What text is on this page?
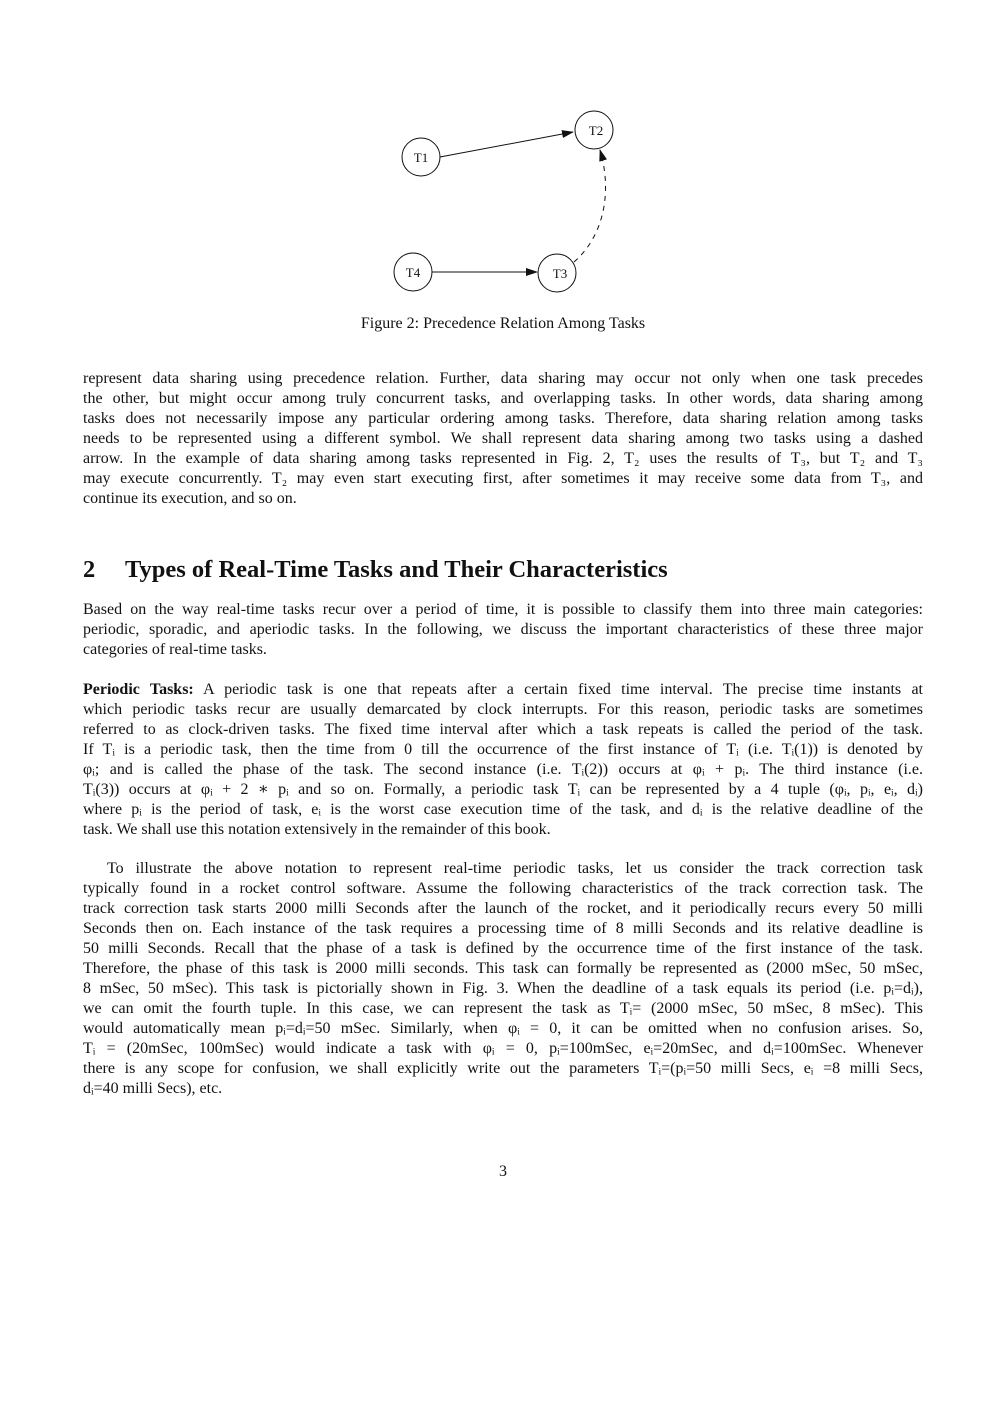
T1
T2
T4	T3
Figure 2: Precedence Relation Among Tasks
represent data sharing using precedence relation. Further, data sharing may occur not only when one task precedes
the other, but might occur among truly concurrent tasks, and overlapping tasks. In other words, data sharing among
tasks does not necessarily impose any particular ordering among tasks. Therefore, data sharing relation among tasks
needs to be represented using a different symbol. We shall represent data sharing among two tasks using a dashed
arrow. In the example of data sharing among tasks represented in Fig. 2, T₂ uses the results of T₃, but T₂ and T₃
may execute concurrently. T₂ may even start executing first, after sometimes it may receive some data from T₃, and
continue its execution, and so on.
2 Types of Real-Time Tasks and Their Characteristics
Based on the way real-time tasks recur over a period of time, it is possible to classify them into three main categories:
periodic, sporadic, and aperiodic tasks. In the following, we discuss the important characteristics of these three major
categories of real-time tasks.
Periodic Tasks: A periodic task is one that repeats after a certain fixed time interval. The precise time instants at
which periodic tasks recur are usually demarcated by clock interrupts. For this reason, periodic tasks are sometimes
referred to as clock-driven tasks. The fixed time interval after which a task repeats is called the period of the task.
If Tᵢ is a periodic task, then the time from 0 till the occurrence of the first instance of Tᵢ (i.e. Tᵢ(1)) is denoted by
φᵢ; and is called the phase of the task. The second instance (i.e. Tᵢ(2)) occurs at φᵢ + pᵢ. The third instance (i.e.
Tᵢ(3)) occurs at φᵢ + 2 ∗ pᵢ and so on. Formally, a periodic task Tᵢ can be represented by a 4 tuple (φᵢ, pᵢ, eᵢ, dᵢ)
where pᵢ is the period of task, eᵢ is the worst case execution time of the task, and dᵢ is the relative deadline of the
task. We shall use this notation extensively in the remainder of this book.
To illustrate the above notation to represent real-time periodic tasks, let us consider the track correction task
typically found in a rocket control software. Assume the following characteristics of the track correction task. The
track correction task starts 2000 milli Seconds after the launch of the rocket, and it periodically recurs every 50 milli
Seconds then on. Each instance of the task requires a processing time of 8 milli Seconds and its relative deadline is
50 milli Seconds. Recall that the phase of a task is defined by the occurrence time of the first instance of the task.
Therefore, the phase of this task is 2000 milli seconds. This task can formally be represented as (2000 mSec, 50 mSec,
8 mSec, 50 mSec). This task is pictorially shown in Fig. 3. When the deadline of a task equals its period (i.e. pᵢ=dᵢ),
we can omit the fourth tuple. In this case, we can represent the task as Tᵢ= (2000 mSec, 50 mSec, 8 mSec). This
would automatically mean pᵢ=dᵢ=50 mSec. Similarly, when φᵢ = 0, it can be omitted when no confusion arises. So,
Tᵢ = (20mSec, 100mSec) would indicate a task with φᵢ = 0, pᵢ=100mSec, eᵢ=20mSec, and dᵢ=100mSec. Whenever
there is any scope for confusion, we shall explicitly write out the parameters Tᵢ=(pᵢ=50 milli Secs, eᵢ =8 milli Secs,
dᵢ=40 milli Secs), etc.
3
